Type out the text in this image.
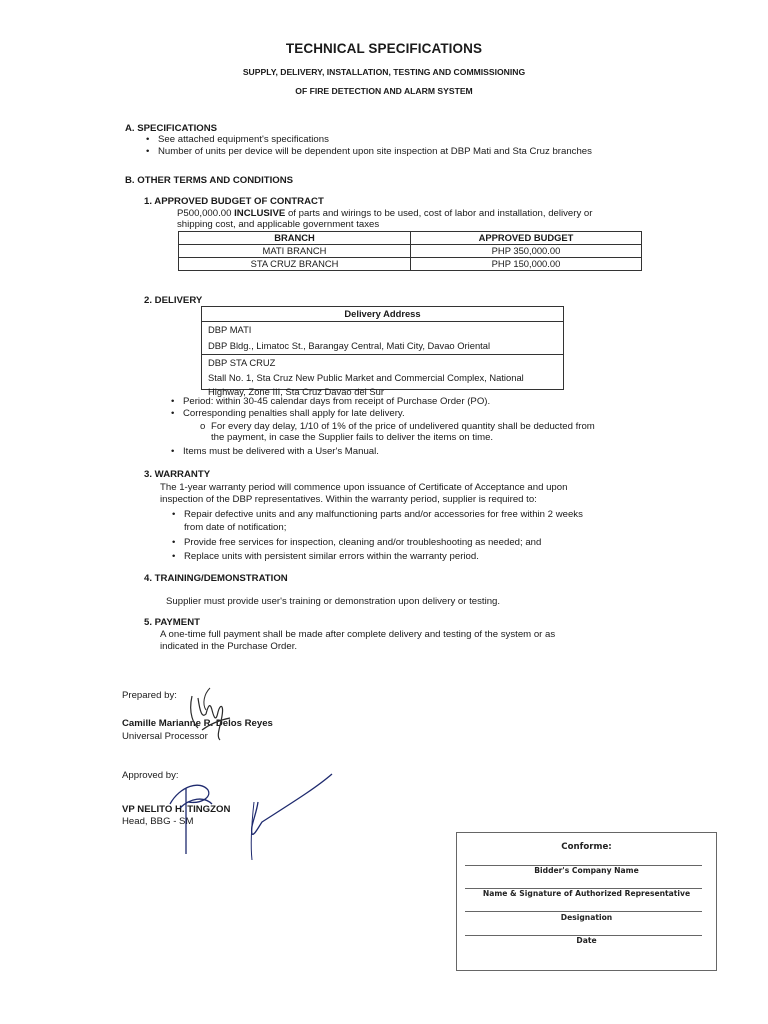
TECHNICAL SPECIFICATIONS
SUPPLY, DELIVERY, INSTALLATION, TESTING AND COMMISSIONING
OF FIRE DETECTION AND ALARM SYSTEM
A. SPECIFICATIONS
• See attached equipment's specifications
• Number of units per device will be dependent upon site inspection at DBP Mati and Sta Cruz branches
B. OTHER TERMS AND CONDITIONS
1. APPROVED BUDGET OF CONTRACT
P500,000.00 INCLUSIVE of parts and wirings to be used, cost of labor and installation, delivery or
shipping cost, and applicable government taxes
BRANCH	APPROVED BUDGET
MATI BRANCH	PHP 350,000.00
STA CRUZ BRANCH	PHP 150,000.00
2. DELIVERY
Delivery Address
DBP MATI
DBP Bldg., Limatoc St., Barangay Central, Mati City, Davao Oriental
DBP STA CRUZ
Stall No. 1, Sta Cruz New Public Market and Commercial Complex, National
Highway, Zone III, Sta Cruz Davao del Sur
• Period: within 30-45 calendar days from receipt of Purchase Order (PO).
• Corresponding penalties shall apply for late delivery.
o For every day delay, 1/10 of 1% of the price of undelivered quantity shall be deducted from
the payment, in case the Supplier fails to deliver the items on time.
• Items must be delivered with a User's Manual.
3. WARRANTY
The 1-year warranty period will commence upon issuance of Certificate of Acceptance and upon
inspection of the DBP representatives. Within the warranty period, supplier is required to:
• Repair defective units and any malfunctioning parts and/or accessories for free within 2 weeks
from date of notification;
• Provide free services for inspection, cleaning and/or troubleshooting as needed; and
• Replace units with persistent similar errors within the warranty period.
4. TRAINING/DEMONSTRATION
Supplier must provide user's training or demonstration upon delivery or testing.
5. PAYMENT
A one-time full payment shall be made after complete delivery and testing of the system or as
indicated in the Purchase Order.
Prepared by:
Camille Marianne R. Delos Reyes
Universal Processor
Approved by:
VP NELITO H. TINGZON
Head, BBG - SM
Conforme:
Bidder's Company Name
Name & Signature of Authorized Representative
Designation
Date
